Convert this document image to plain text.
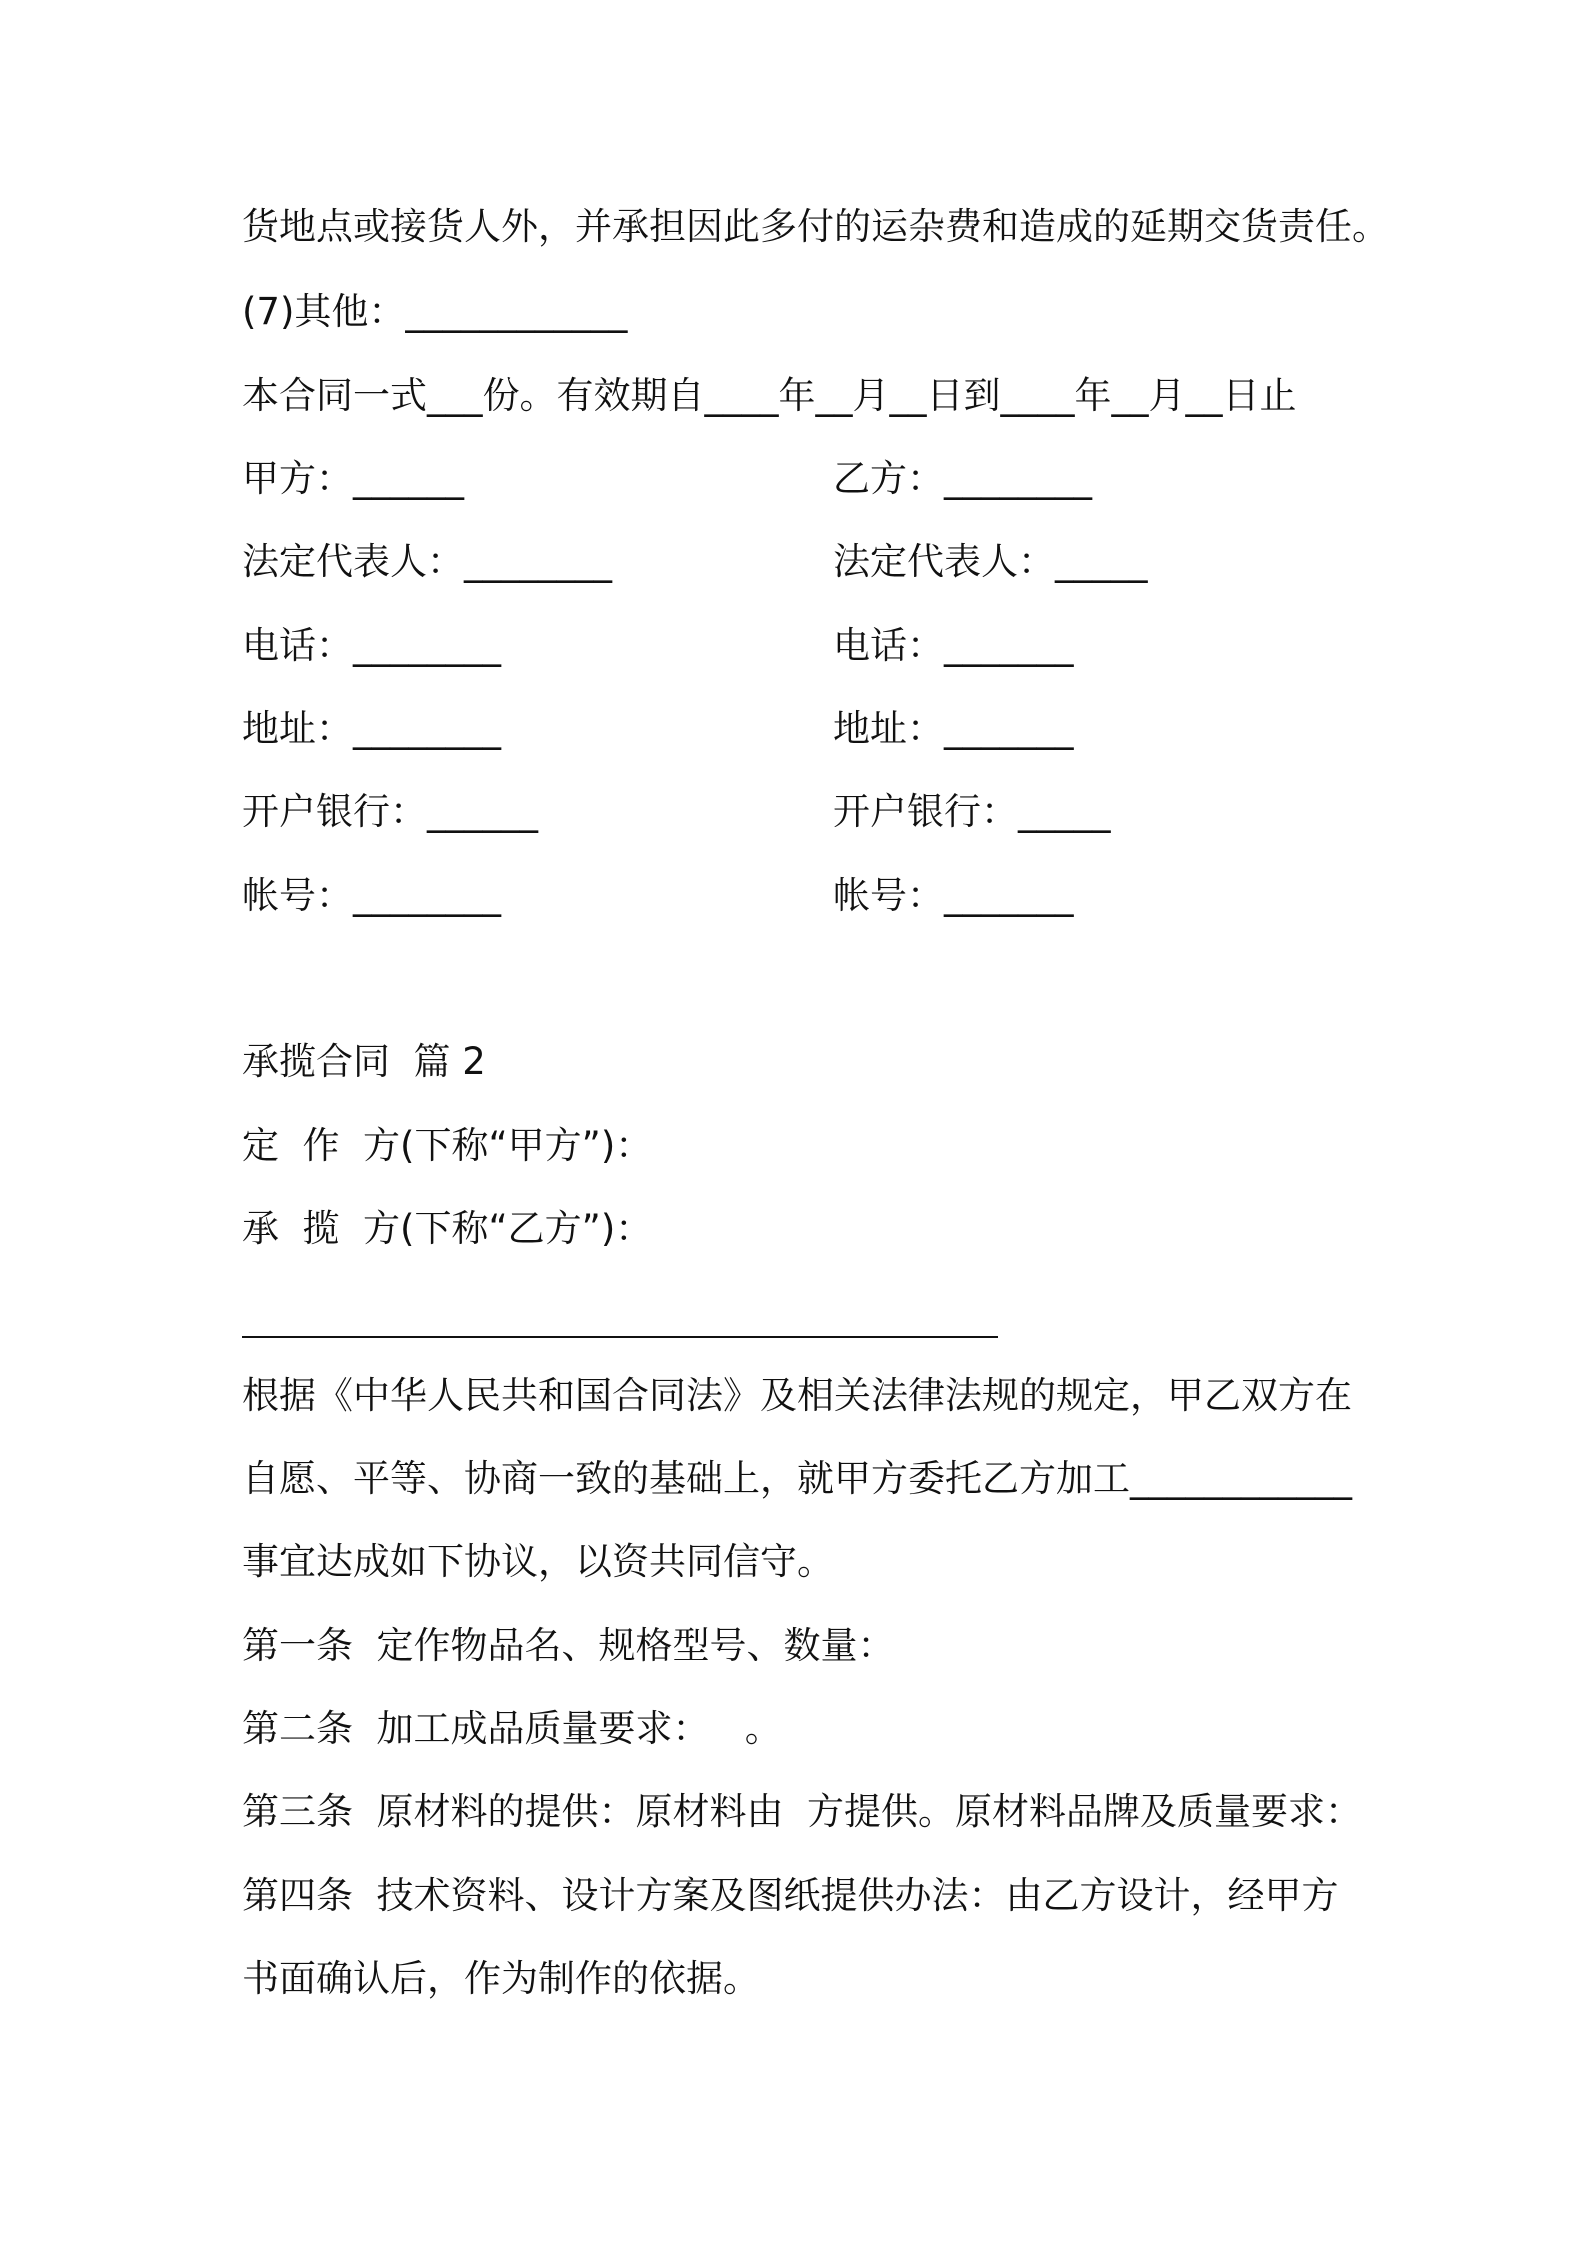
货地点或接货人外，并承担因此多付的运杂费和造成的延期交货责任。
(7)其他：____________
本合同一式___份。有效期自____年__月__日到____年__月__日止
甲方：______	乙方：________
法定代表人：________	法定代表人：_____
电话：________	电话：_______
地址：________	地址：_______
开户银行：______	开户银行：_____
帐号：________	帐号：_______
承揽合同  篇 2
定  作  方(下称“甲方”)：
承  揽  方(下称“乙方”)：
根据《中华人民共和国合同法》及相关法律法规的规定，甲乙双方在
自愿、平等、协商一致的基础上，就甲方委托乙方加工____________
事宜达成如下协议，以资共同信守。
第一条  定作物品名、规格型号、数量：
第二条  加工成品质量要求：   。
第三条  原材料的提供：原材料由  方提供。原材料品牌及质量要求：
第四条  技术资料、设计方案及图纸提供办法：由乙方设计，经甲方
书面确认后，作为制作的依据。
